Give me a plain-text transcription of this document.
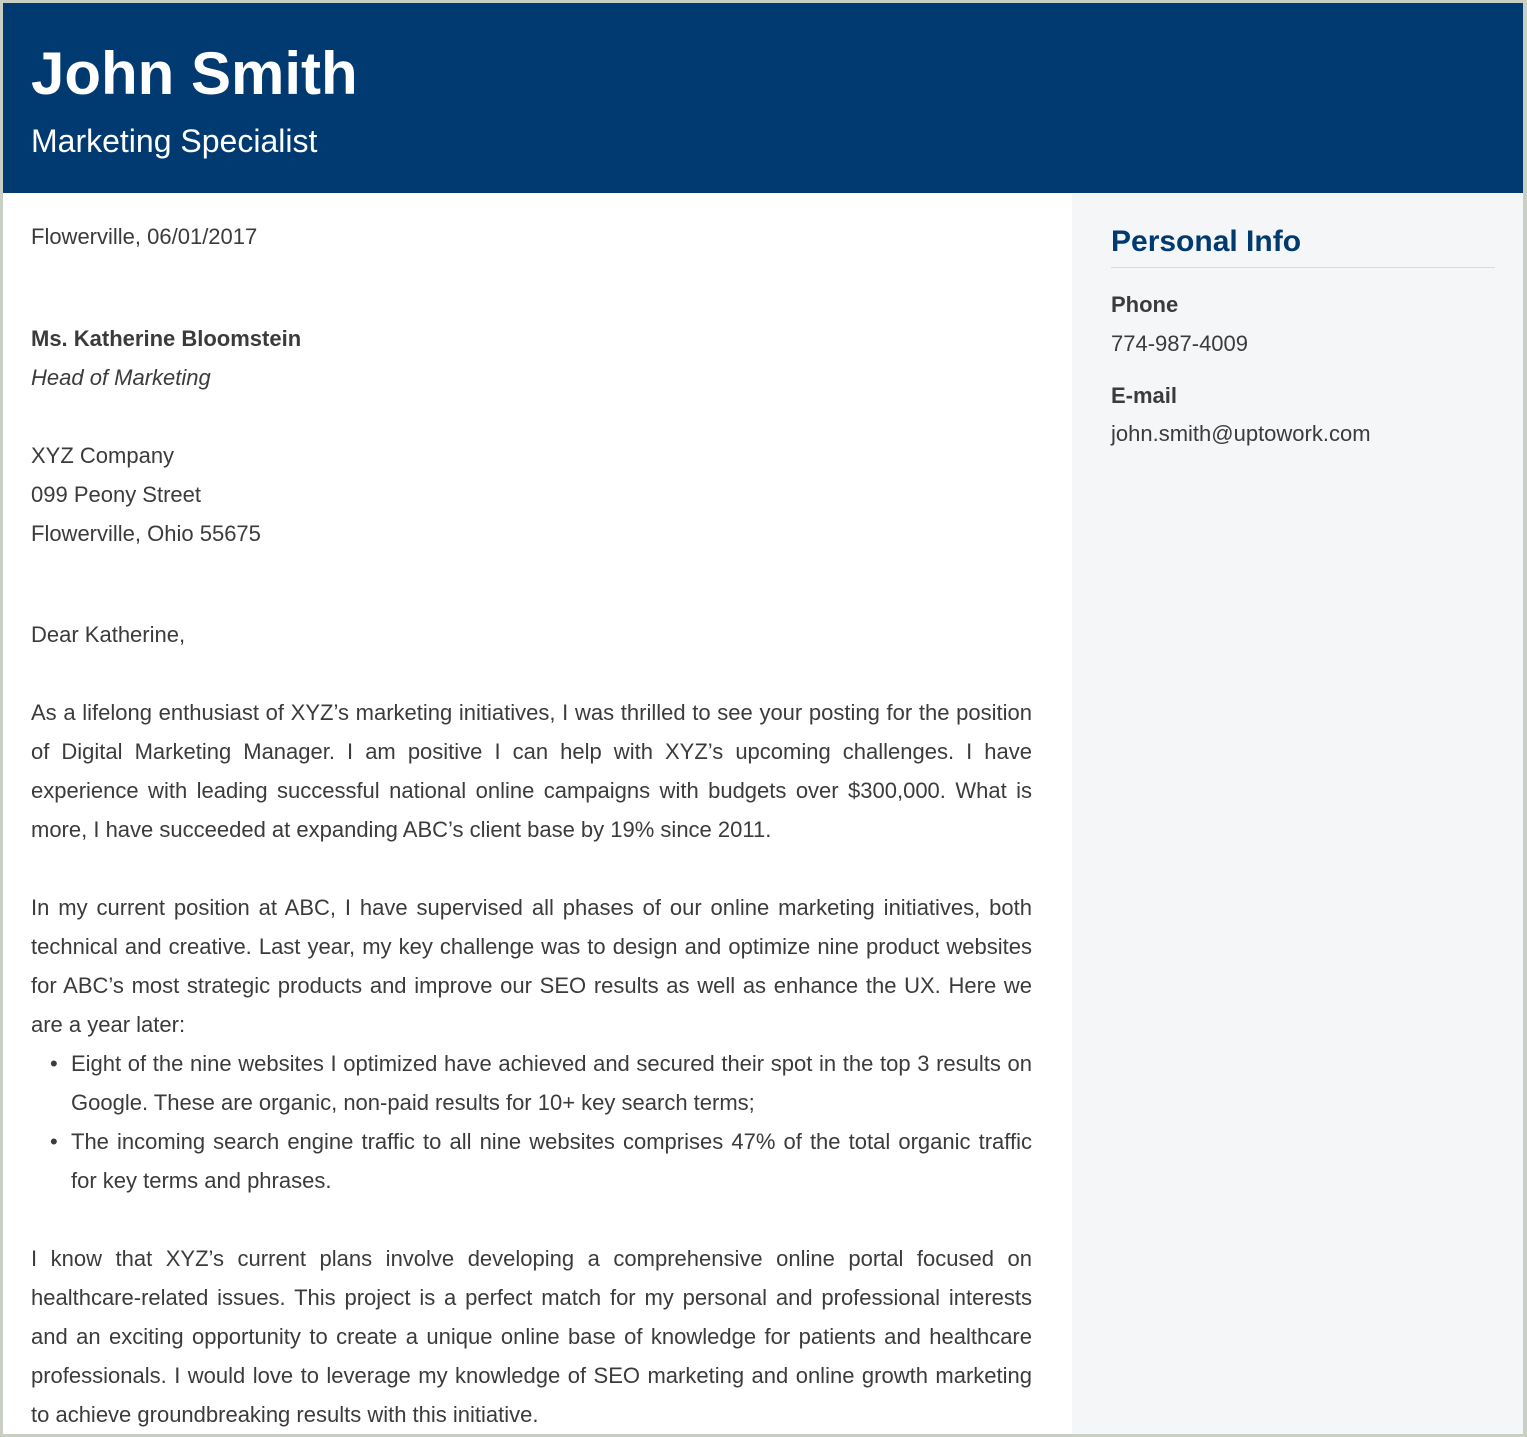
John Smith
Marketing Specialist
Flowerville, 06/01/2017
Ms. Katherine Bloomstein
Head of Marketing
XYZ Company
099 Peony Street
Flowerville, Ohio 55675
Dear Katherine,

As a lifelong enthusiast of XYZ’s marketing initiatives, I was thrilled to see your posting for the position of Digital Marketing Manager. I am positive I can help with XYZ’s upcoming challenges. I have experience with leading successful national online campaigns with budgets over $300,000. What is more, I have succeeded at expanding ABC’s client base by 19% since 2011.

In my current position at ABC, I have supervised all phases of our online marketing initiatives, both technical and creative. Last year, my key challenge was to design and optimize nine product websites for ABC’s most strategic products and improve our SEO results as well as enhance the UX. Here we are a year later:

• Eight of the nine websites I optimized have achieved and secured their spot in the top 3 results on Google. These are organic, non-paid results for 10+ key search terms;
• The incoming search engine traffic to all nine websites comprises 47% of the total organic traffic for key terms and phrases.

I know that XYZ’s current plans involve developing a comprehensive online portal focused on healthcare-related issues. This project is a perfect match for my personal and professional interests and an exciting opportunity to create a unique online base of knowledge for patients and healthcare professionals. I would love to leverage my knowledge of SEO marketing and online growth marketing to achieve groundbreaking results with this initiative.

Personal Info
Phone
774-987-4009
E-mail
john.smith@uptowork.com
